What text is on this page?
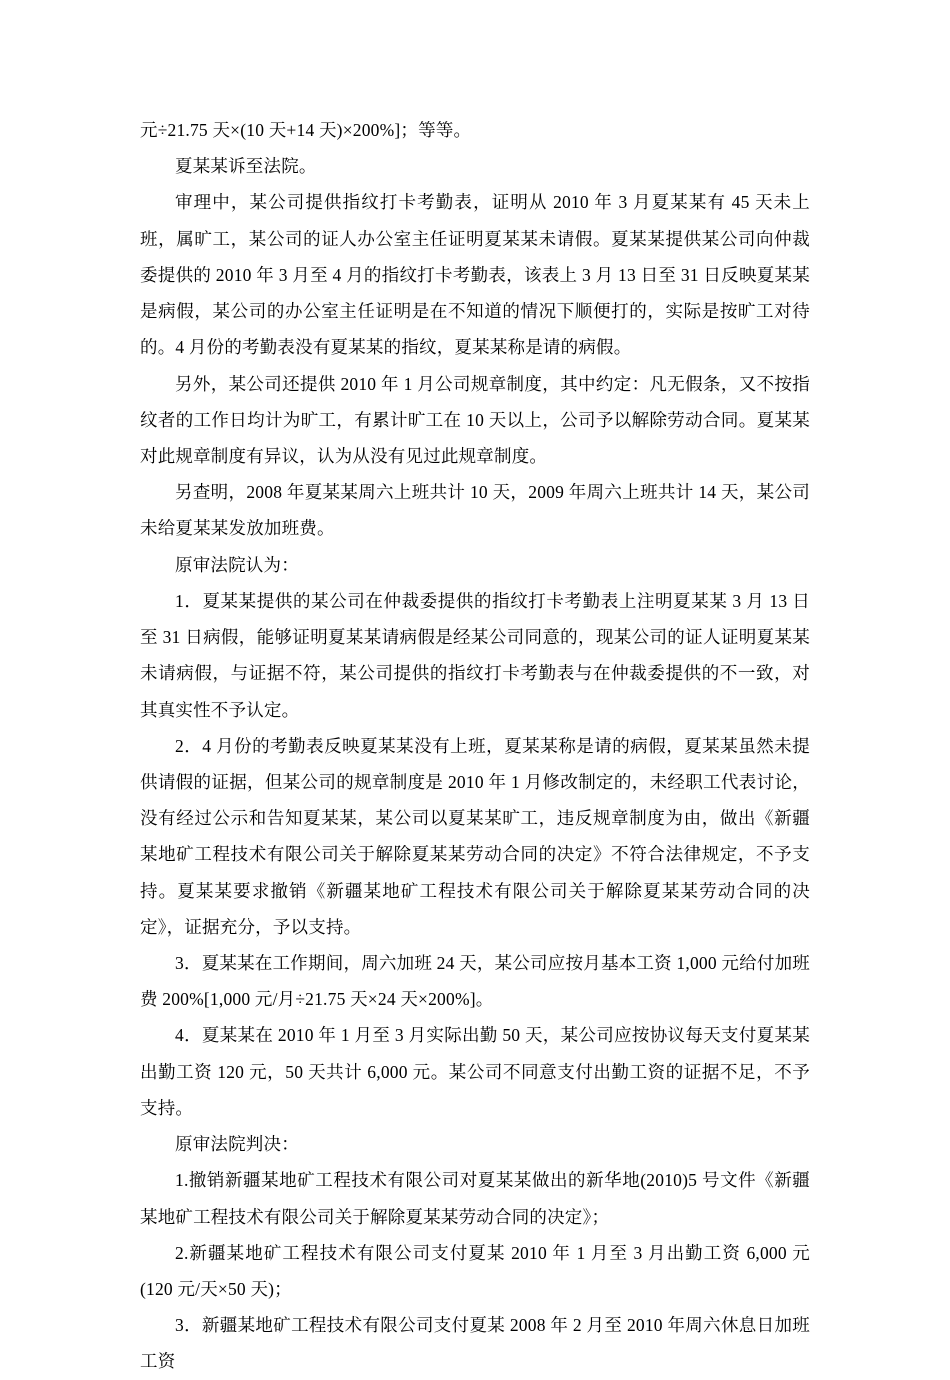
元÷21.75 天×(10 天+14 天)×200%]；等等。

夏某某诉至法院。

审理中，某公司提供指纹打卡考勤表，证明从 2010 年 3 月夏某某有 45 天未上班，属旷工，某公司的证人办公室主任证明夏某某未请假。夏某某提供某公司向仲裁委提供的 2010 年 3 月至 4 月的指纹打卡考勤表，该表上 3 月 13 日至 31 日反映夏某某是病假，某公司的办公室主任证明是在不知道的情况下顺便打的，实际是按旷工对待的。4 月份的考勤表没有夏某某的指纹，夏某某称是请的病假。

另外，某公司还提供 2010 年 1 月公司规章制度，其中约定：凡无假条，又不按指纹者的工作日均计为旷工，有累计旷工在 10 天以上，公司予以解除劳动合同。夏某某对此规章制度有异议，认为从没有见过此规章制度。

另查明，2008 年夏某某周六上班共计 10 天，2009 年周六上班共计 14 天，某公司未给夏某某发放加班费。

原审法院认为：

1．夏某某提供的某公司在仲裁委提供的指纹打卡考勤表上注明夏某某 3 月 13 日至 31 日病假，能够证明夏某某请病假是经某公司同意的，现某公司的证人证明夏某某未请病假，与证据不符，某公司提供的指纹打卡考勤表与在仲裁委提供的不一致，对其真实性不予认定。

2．4 月份的考勤表反映夏某某没有上班，夏某某称是请的病假，夏某某虽然未提供请假的证据，但某公司的规章制度是 2010 年 1 月修改制定的，未经职工代表讨论，没有经过公示和告知夏某某，某公司以夏某某旷工，违反规章制度为由，做出《新疆某地矿工程技术有限公司关于解除夏某某劳动合同的决定》不符合法律规定，不予支持。夏某某要求撤销《新疆某地矿工程技术有限公司关于解除夏某某劳动合同的决定》，证据充分，予以支持。

3．夏某某在工作期间，周六加班 24 天，某公司应按月基本工资 1,000 元给付加班费 200%[1,000 元/月÷21.75 天×24 天×200%]。

4．夏某某在 2010 年 1 月至 3 月实际出勤 50 天，某公司应按协议每天支付夏某某出勤工资 120 元，50 天共计 6,000 元。某公司不同意支付出勤工资的证据不足，不予支持。

原审法院判决：

1.撤销新疆某地矿工程技术有限公司对夏某某做出的新华地(2010)5 号文件《新疆某地矿工程技术有限公司关于解除夏某某劳动合同的决定》；

2.新疆某地矿工程技术有限公司支付夏某 2010 年 1 月至 3 月出勤工资 6,000 元(120 元/天×50 天)；

3．新疆某地矿工程技术有限公司支付夏某 2008 年 2 月至 2010 年周六休息日加班工资
